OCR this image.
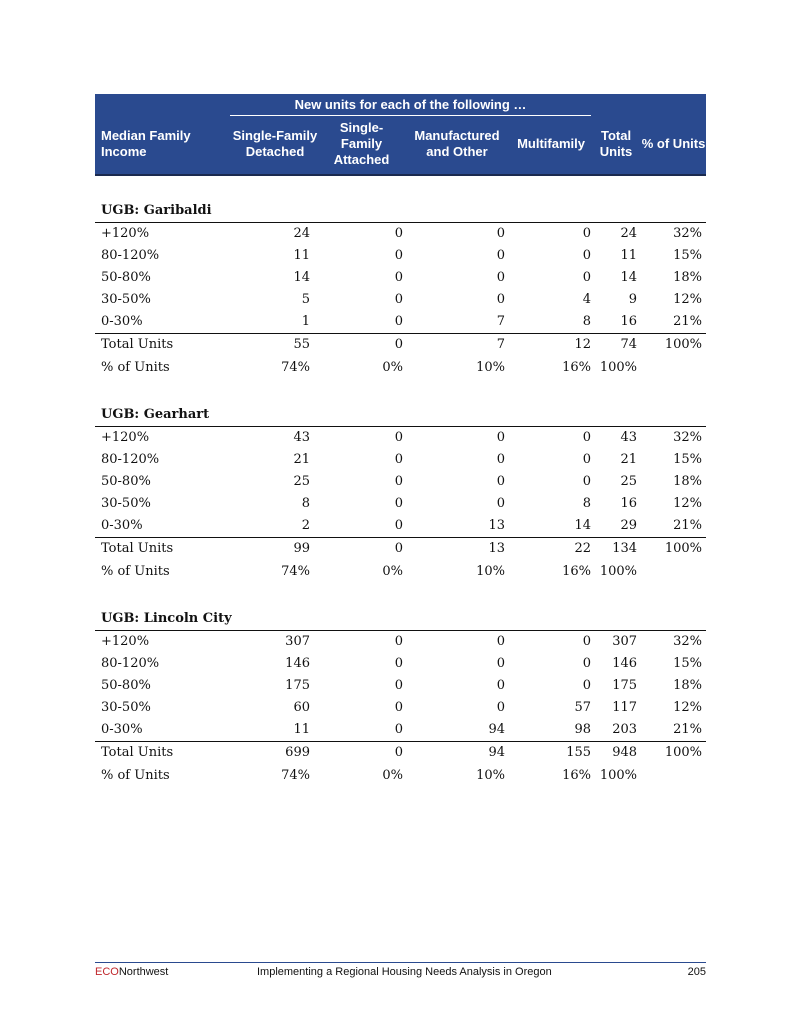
	New units for each of the following …					

Median Family Income	Single-Family Detached	Single-Family Attached	Manufactured and Other	Multifamily	Total Units	% of Units

UGB: Garibaldi						
+120%	24	0	0	0	24	32%
80-120%	11	0	0	0	11	15%
50-80%	14	0	0	0	14	18%
30-50%	5	0	0	4	9	12%
0-30%	1	0	7	8	16	21%
Total Units	55	0	7	12	74	100%
% of Units	74%	0%	10%	16%	100%	

UGB: Gearhart						
+120%	43	0	0	0	43	32%
80-120%	21	0	0	0	21	15%
50-80%	25	0	0	0	25	18%
30-50%	8	0	0	8	16	12%
0-30%	2	0	13	14	29	21%
Total Units	99	0	13	22	134	100%
% of Units	74%	0%	10%	16%	100%	

UGB: Lincoln City						
+120%	307	0	0	0	307	32%
80-120%	146	0	0	0	146	15%
50-80%	175	0	0	0	175	18%
30-50%	60	0	0	57	117	12%
0-30%	11	0	94	98	203	21%
Total Units	699	0	94	155	948	100%
% of Units	74%	0%	10%	16%	100%	
ECONorthwest	Implementing a Regional Housing Needs Analysis in Oregon	205
